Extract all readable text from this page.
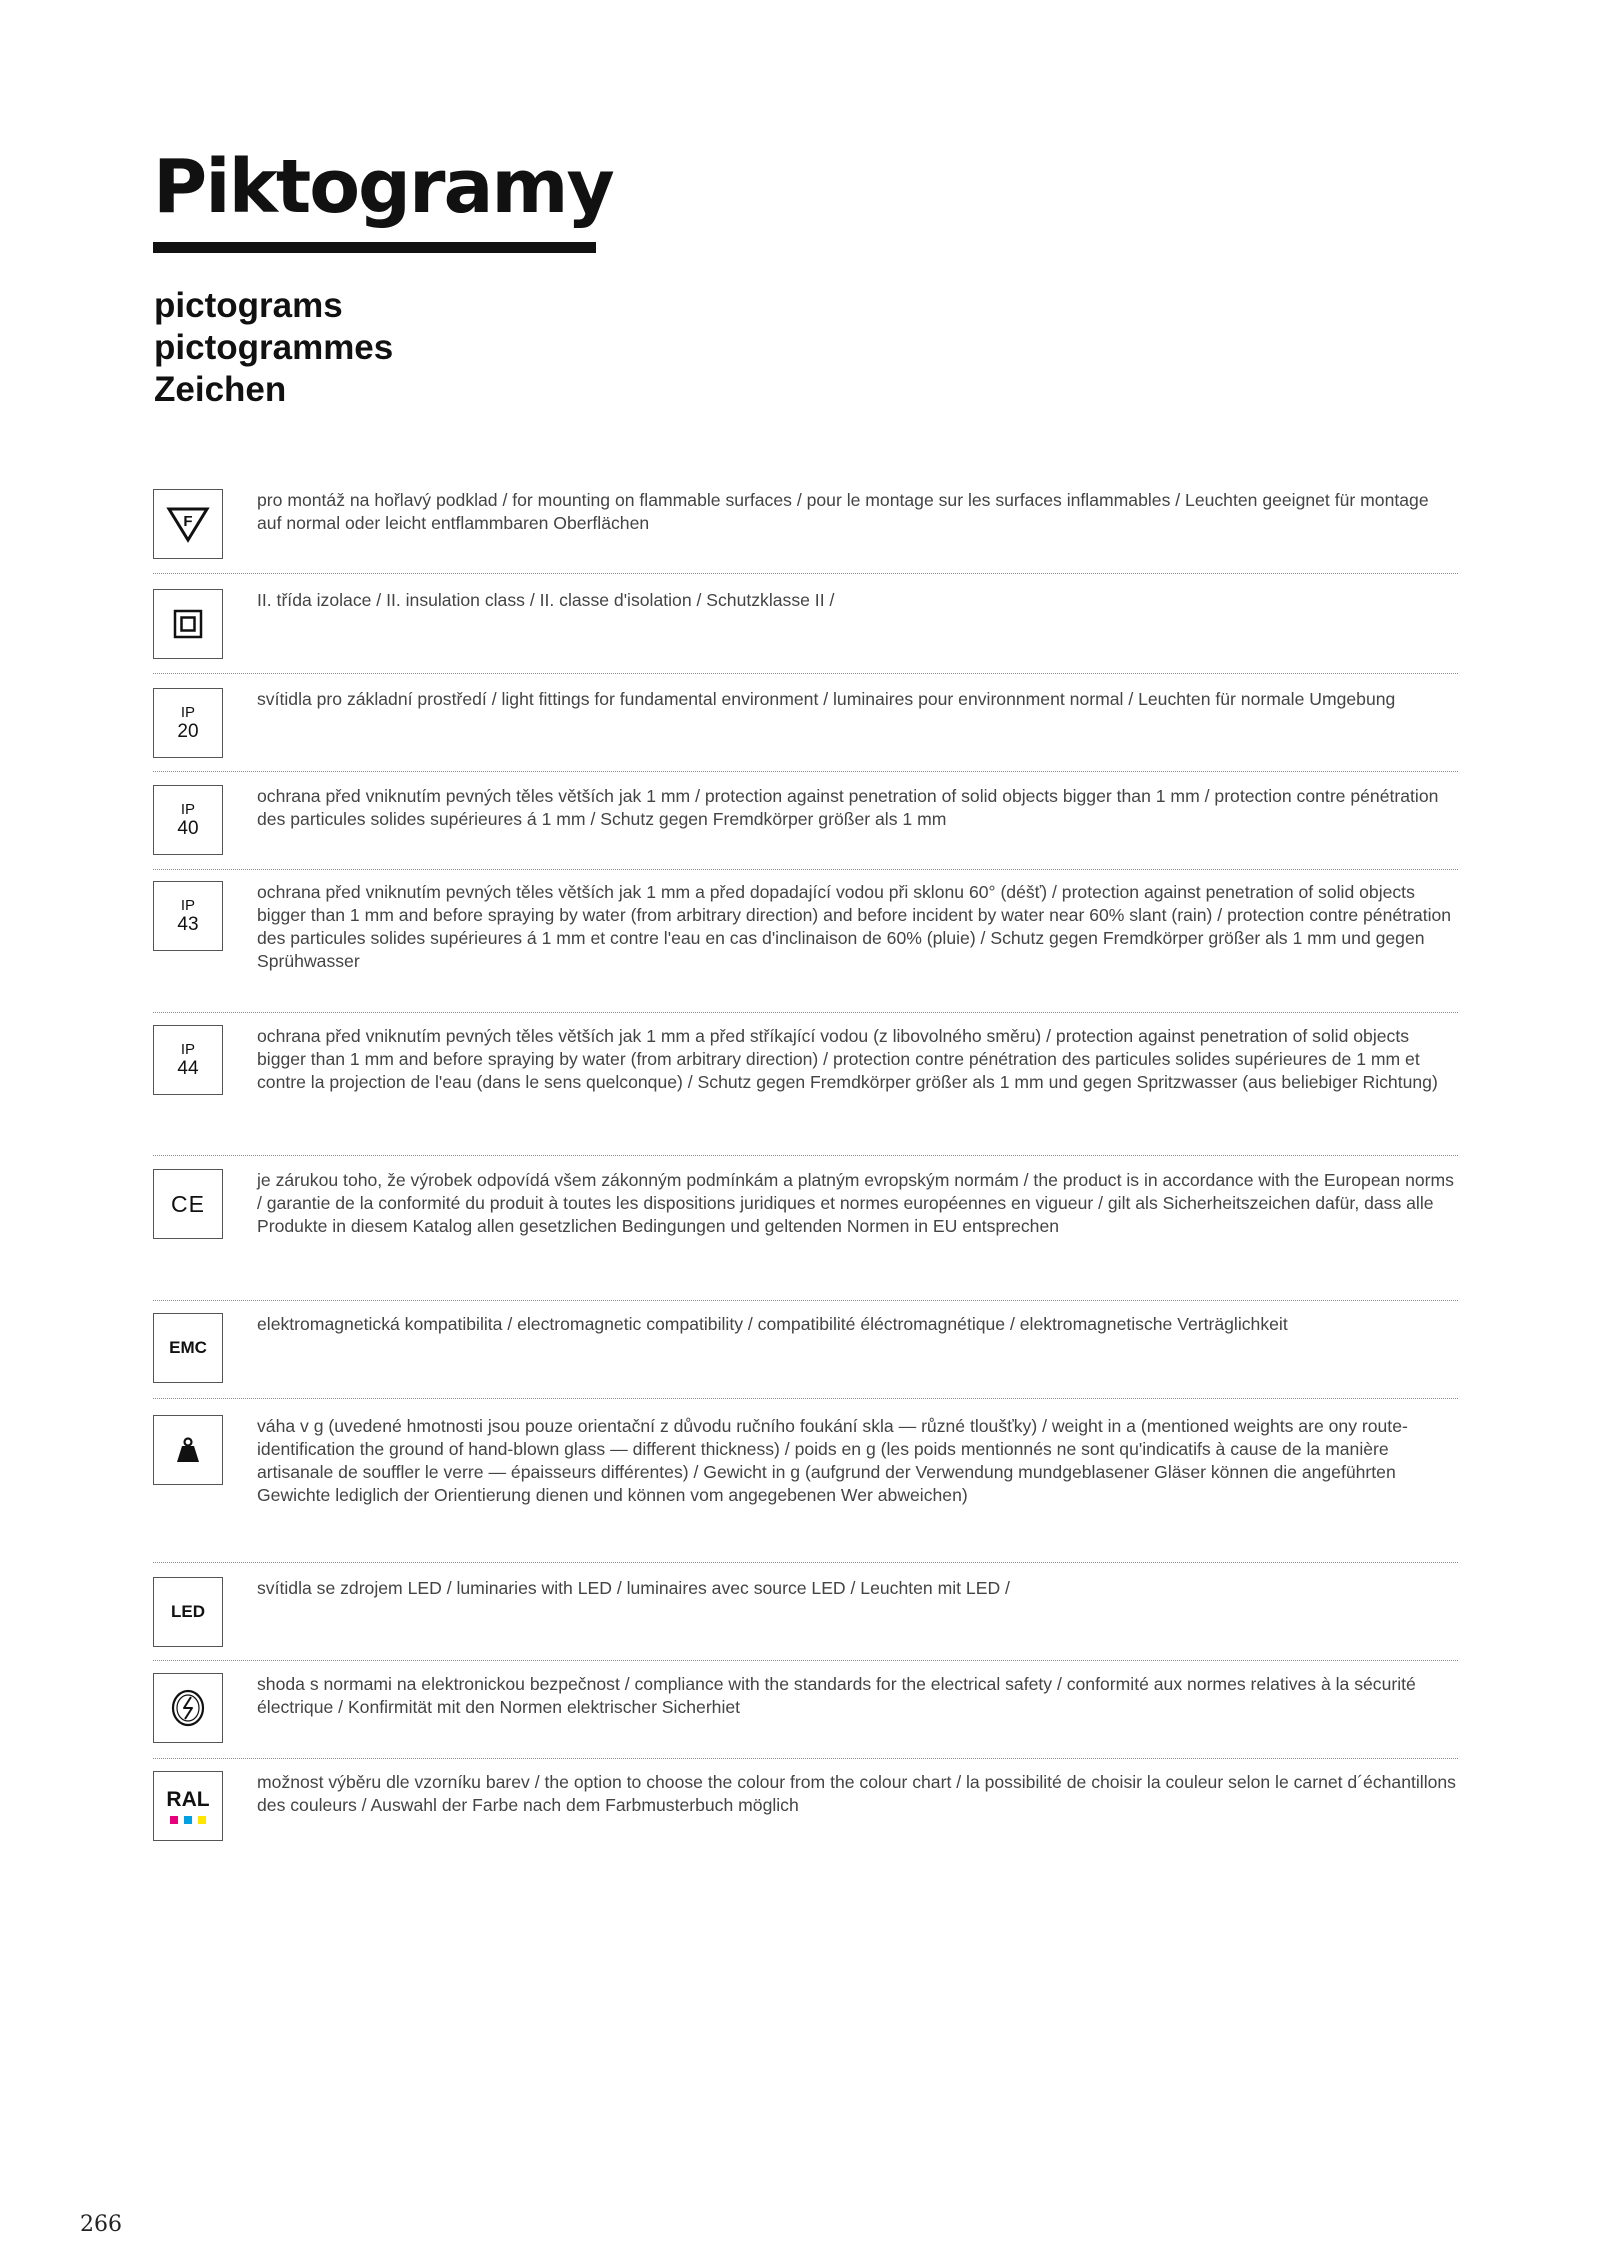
Piktogramy
pictograms
pictogrammes
Zeichen
F

pro montáž na hořlavý podklad / for mounting on flammable surfaces / pour le montage sur les surfaces inflammables / Leuchten geeignet für montage auf normal oder leicht entflammbaren Oberflächen

II. třída izolace / II. insulation class / II. classe d'isolation / Schutzklasse II /

IP
20

svítidla pro základní prostředí / light fittings for fundamental environment / luminaires pour environnment normal / Leuchten für normale Umgebung

IP
40

ochrana před vniknutím pevných těles větších jak 1 mm / protection against penetration of solid objects bigger than 1 mm / protection contre pénétration des particules solides supérieures á 1 mm / Schutz gegen Fremdkörper größer als 1 mm

IP
43

ochrana před vniknutím pevných těles větších jak 1 mm a před dopadající vodou při sklonu 60° (déšť) / protection against penetration of solid objects bigger than 1 mm and before spraying by water (from arbitrary direction) and before incident by water near 60% slant (rain) / protection contre pénétration des particules solides supérieures á 1 mm et contre l'eau en cas d'inclinaison de 60% (pluie) / Schutz gegen Fremdkörper größer als 1 mm und gegen Sprühwasser

IP
44

ochrana před vniknutím pevných těles větších jak 1 mm a před stříkající vodou (z libovolného směru) / protection against penetration of solid objects bigger than 1 mm and before spraying by water (from arbitrary direction) / protection contre pénétration des particules solides supérieures de 1 mm et contre la projection de l'eau (dans le sens quelconque) / Schutz gegen Fremdkörper größer als 1 mm und gegen Spritzwasser (aus beliebiger Richtung)

CE

je zárukou toho, že výrobek odpovídá všem zákonným podmínkám a platným evropským normám / the product is in accordance with the European norms / garantie de la conformité du produit à toutes les dispositions juridiques et normes européennes en vigueur / gilt als Sicherheitszeichen dafür, dass alle Produkte in diesem Katalog allen gesetzlichen Bedingungen und geltenden Normen in EU entsprechen

EMC

elektromagnetická kompatibilita / electromagnetic compatibility / compatibilité éléctromagnétique / elektromagnetische Verträglichkeit

váha v g (uvedené hmotnosti jsou pouze orientační z důvodu ručního foukání skla — různé tloušťky) / weight in a (mentioned weights are ony route-identification the ground of hand-blown glass — different thickness) / poids en g (les poids mentionnés ne sont qu'indicatifs à cause de la manière artisanale de souffler le verre — épaisseurs différentes) / Gewicht in g (aufgrund der Verwendung mundgeblasener Gläser können die angeführten Gewichte lediglich der Orientierung dienen und können vom angegebenen Wer abweichen)

LED

svítidla se zdrojem LED / luminaries with LED / luminaires avec source LED / Leuchten mit LED /

shoda s normami na elektronickou bezpečnost / compliance with the standards for the electrical safety / conformité aux normes relatives à la sécurité électrique / Konfirmität mit den Normen elektrischer Sicherhiet

RAL

možnost výběru dle vzorníku barev / the option to choose the colour from the colour chart / la possibilité de choisir la couleur selon le carnet d´échantillons des couleurs / Auswahl der Farbe nach dem Farbmusterbuch möglich

266
